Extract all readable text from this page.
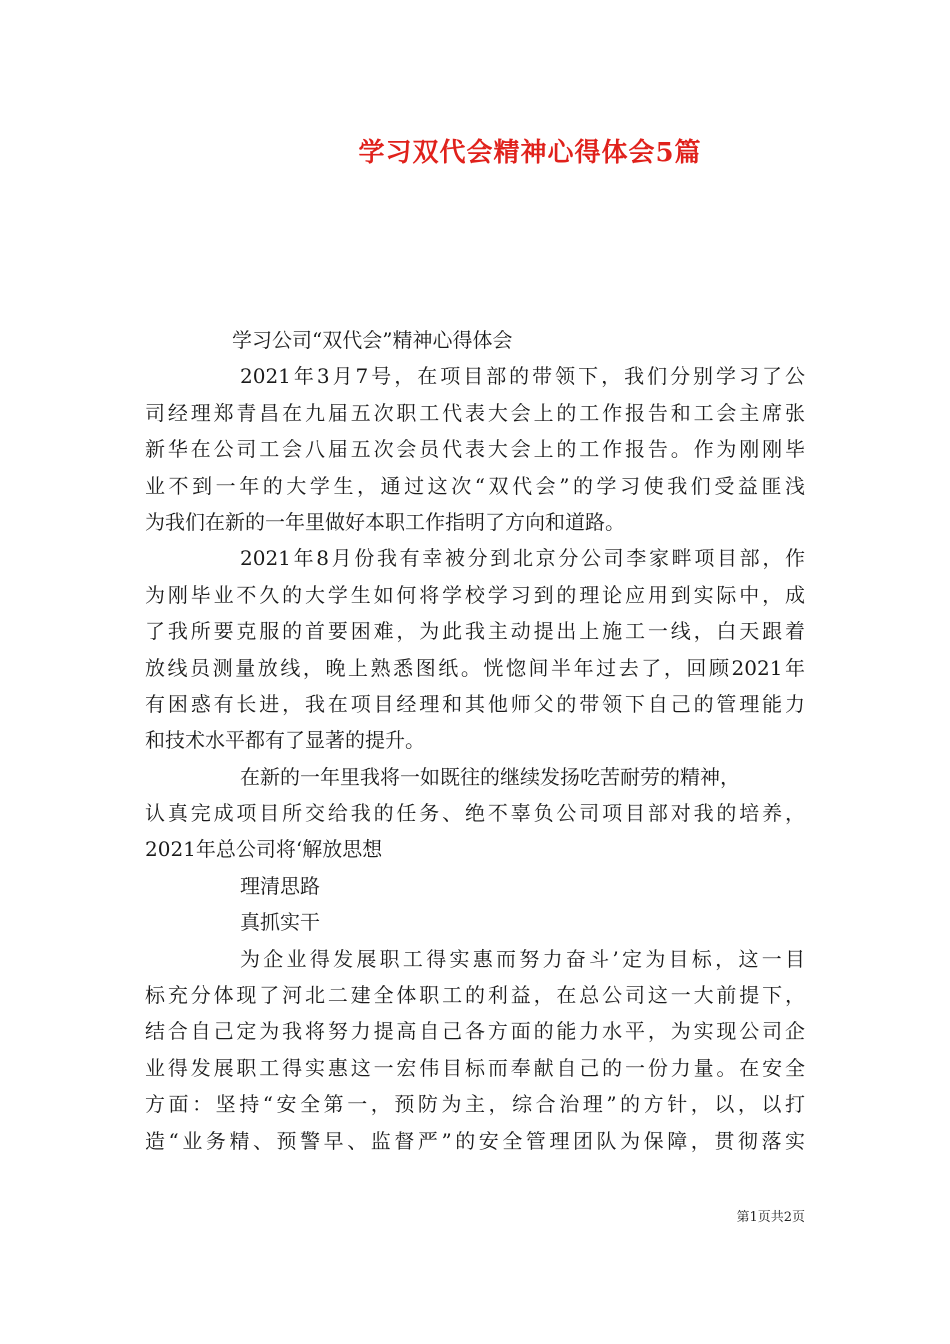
学习双代会精神心得体会5篇
学习公司“双代会”精神心得体会
2021年3月7号，在项目部的带领下，我们分别学习了公
司经理郑青昌在九届五次职工代表大会上的工作报告和工会主席张
新华在公司工会八届五次会员代表大会上的工作报告。作为刚刚毕
业不到一年的大学生，通过这次“双代会”的学习使我们受益匪浅
为我们在新的一年里做好本职工作指明了方向和道路。
2021年8月份我有幸被分到北京分公司李家畔项目部，作
为刚毕业不久的大学生如何将学校学习到的理论应用到实际中，成
了我所要克服的首要困难，为此我主动提出上施工一线，白天跟着
放线员测量放线，晚上熟悉图纸。恍惚间半年过去了，回顾2021年
有困惑有长进，我在项目经理和其他师父的带领下自己的管理能力
和技术水平都有了显著的提升。
在新的一年里我将一如既往的继续发扬吃苦耐劳的精神，
认真完成项目所交给我的任务、绝不辜负公司项目部对我的培养，
2021年总公司将‘解放思想
理清思路
真抓实干
为企业得发展职工得实惠而努力奋斗’定为目标，这一目
标充分体现了河北二建全体职工的利益，在总公司这一大前提下，
结合自己定为我将努力提高自己各方面的能力水平，为实现公司企
业得发展职工得实惠这一宏伟目标而奉献自己的一份力量。在安全
方面：坚持“安全第一，预防为主，综合治理”的方针，以，以打
造“业务精、预警早、监督严”的安全管理团队为保障，贯彻落实
第1页共2页
